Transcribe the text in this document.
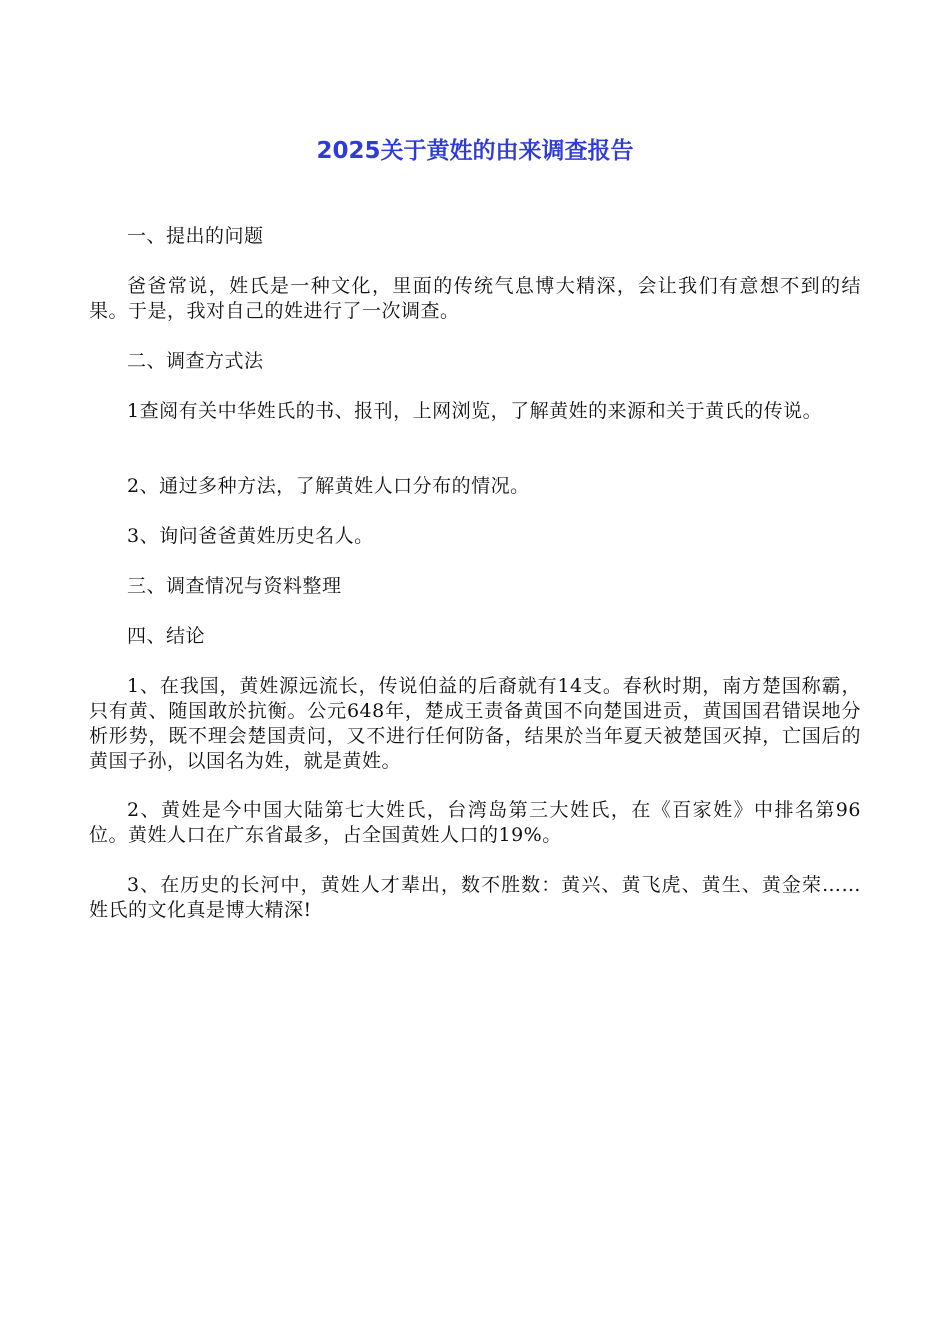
2025关于黄姓的由来调查报告

一、提出的问题

爸爸常说，姓氏是一种文化，里面的传统气息博大精深，会让我们有意想不到的结果。于是，我对自己的姓进行了一次调查。

二、调查方式法

1查阅有关中华姓氏的书、报刊，上网浏览，了解黄姓的来源和关于黄氏的传说。

2、通过多种方法，了解黄姓人口分布的情况。

3、询问爸爸黄姓历史名人。

三、调查情况与资料整理

四、结论

1、在我国，黄姓源远流长，传说伯益的后裔就有14支。春秋时期，南方楚国称霸，只有黄、随国敢於抗衡。公元648年，楚成王责备黄国不向楚国进贡，黄国国君错误地分析形势，既不理会楚国责问，又不进行任何防备，结果於当年夏天被楚国灭掉，亡国后的黄国子孙，以国名为姓，就是黄姓。

2、黄姓是今中国大陆第七大姓氏，台湾岛第三大姓氏，在《百家姓》中排名第96位。黄姓人口在广东省最多，占全国黄姓人口的19%。

3、在历史的长河中，黄姓人才辈出，数不胜数：黄兴、黄飞虎、黄生、黄金荣……姓氏的文化真是博大精深!
